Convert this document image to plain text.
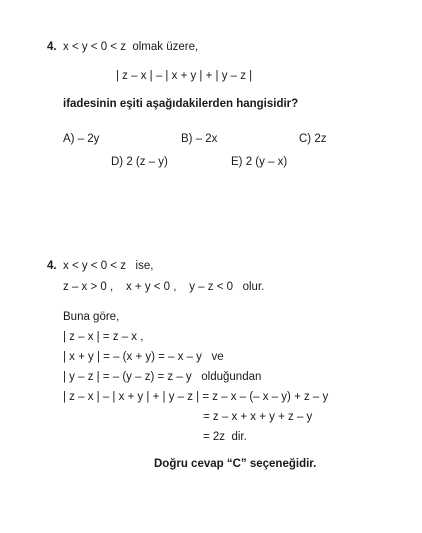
4. x < y < 0 < z  olmak üzere,
| z – x | – | x + y | + | y – z |
ifadesinin eşiti aşağıdakilerden hangisidir?
A) – 2y	B) – 2x	C) 2z
D) 2 (z – y)	E) 2 (y – x)
4. x < y < 0 < z   ise,
z – x > 0 ,    x + y < 0 ,    y – z < 0   olur.
Buna göre,
| z – x | = z – x ,
| x + y | = – (x + y) = – x – y   ve
| y – z | = – (y – z) = z – y   olduğundan
| z – x | – | x + y | + | y – z | = z – x – (– x – y) + z – y
= z – x + x + y + z – y
= 2z  dir.
Doğru cevap “C” seçeneğidir.
